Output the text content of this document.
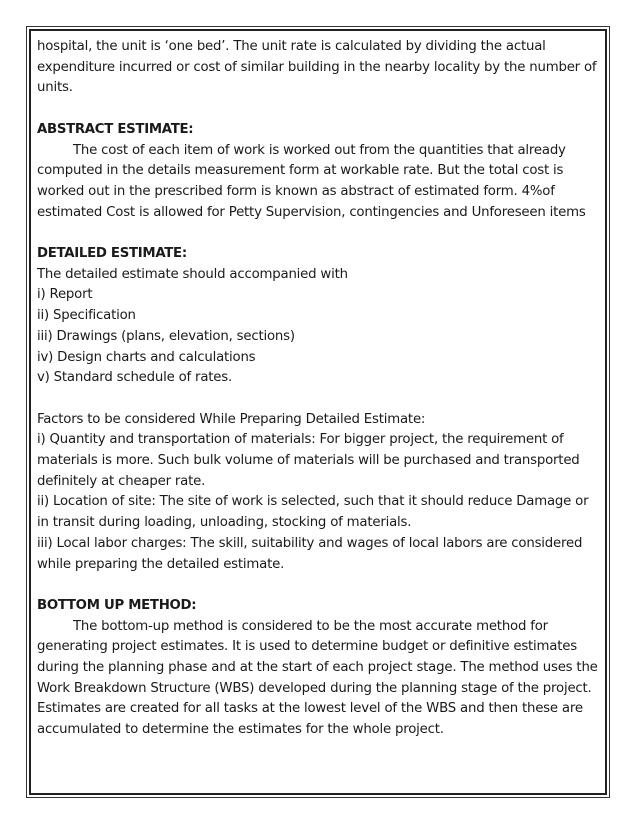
hospital, the unit is ‘one bed’. The unit rate is calculated by dividing the actual expenditure incurred or cost of similar building in the nearby locality by the number of units.

ABSTRACT ESTIMATE:

The cost of each item of work is worked out from the quantities that already computed in the details measurement form at workable rate. But the total cost is worked out in the prescribed form is known as abstract of estimated form. 4%of estimated Cost is allowed for Petty Supervision, contingencies and Unforeseen items

DETAILED ESTIMATE:

The detailed estimate should accompanied with

i) Report

ii) Specification

iii) Drawings (plans, elevation, sections)

iv) Design charts and calculations

v) Standard schedule of rates.

Factors to be considered While Preparing Detailed Estimate:

i) Quantity and transportation of materials: For bigger project, the requirement of materials is more. Such bulk volume of materials will be purchased and transported definitely at cheaper rate.

ii) Location of site: The site of work is selected, such that it should reduce Damage or in transit during loading, unloading, stocking of materials.

iii) Local labor charges: The skill, suitability and wages of local labors are considered while preparing the detailed estimate.

BOTTOM UP METHOD:

The bottom-up method is considered to be the most accurate method for generating project estimates. It is used to determine budget or definitive estimates during the planning phase and at the start of each project stage. The method uses the Work Breakdown Structure (WBS) developed during the planning stage of the project. Estimates are created for all tasks at the lowest level of the WBS and then these are accumulated to determine the estimates for the whole project.
